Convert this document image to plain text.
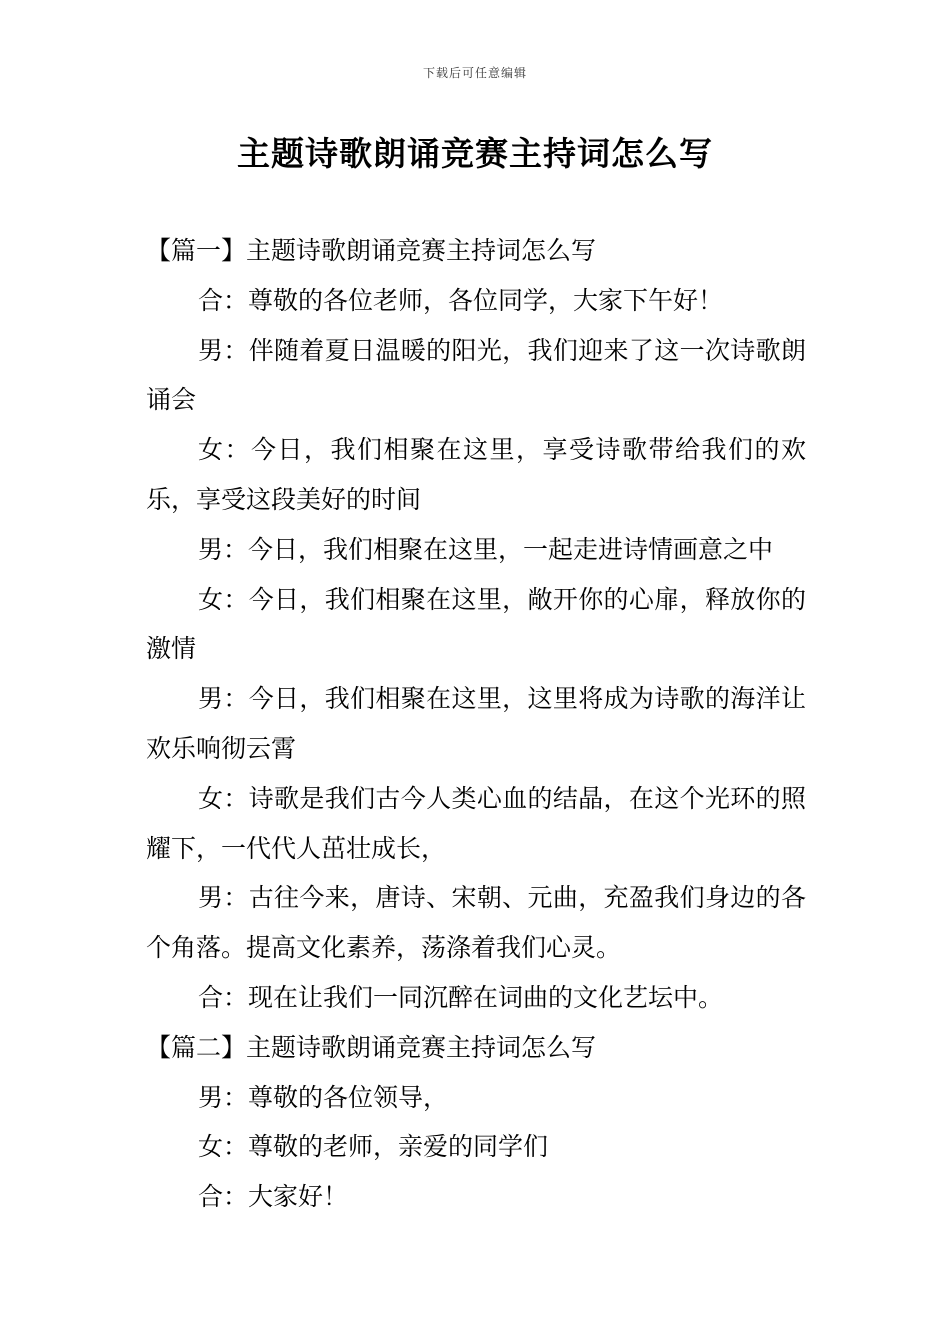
下载后可任意编辑
主题诗歌朗诵竞赛主持词怎么写

【篇一】主题诗歌朗诵竞赛主持词怎么写

合：尊敬的各位老师，各位同学，大家下午好！

男：伴随着夏日温暖的阳光，我们迎来了这一次诗歌朗诵会

女：今日，我们相聚在这里，享受诗歌带给我们的欢乐，享受这段美好的时间

男：今日，我们相聚在这里，一起走进诗情画意之中

女：今日，我们相聚在这里，敞开你的心扉，释放你的激情

男：今日，我们相聚在这里，这里将成为诗歌的海洋让欢乐响彻云霄

女：诗歌是我们古今人类心血的结晶，在这个光环的照耀下，一代代人茁壮成长，

男：古往今来，唐诗、宋朝、元曲，充盈我们身边的各个角落。提高文化素养，荡涤着我们心灵。

合：现在让我们一同沉醉在词曲的文化艺坛中。

【篇二】主题诗歌朗诵竞赛主持词怎么写

男：尊敬的各位领导，

女：尊敬的老师，亲爱的同学们

合：大家好！
